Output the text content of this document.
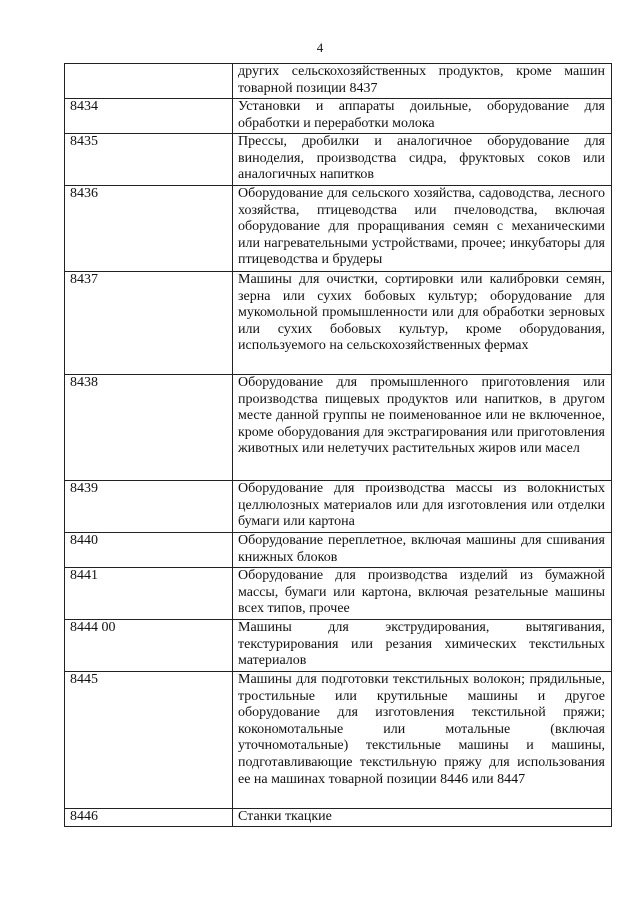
4
	других сельскохозяйственных продуктов, кроме машин товарной позиции 8437
8434	Установки и аппараты доильные, оборудование для обработки и переработки молока
8435	Прессы, дробилки и аналогичное оборудование для виноделия, производства сидра, фруктовых соков или аналогичных напитков
8436	Оборудование для сельского хозяйства, садоводства, лесного хозяйства, птицеводства или пчеловодства, включая оборудование для проращивания семян с механическими или нагревательными устройствами, прочее; инкубаторы для птицеводства и брудеры
8437	Машины для очистки, сортировки или калибровки семян, зерна или сухих бобовых культур; оборудование для мукомольной промышленности или для обработки зерновых или сухих бобовых культур, кроме оборудования, используемого на сельскохозяйственных фермах
8438	Оборудование для промышленного приготовления или производства пищевых продуктов или напитков, в другом месте данной группы не поименованное или не включенное, кроме оборудования для экстрагирования или приготовления животных или нелетучих растительных жиров или масел
8439	Оборудование для производства массы из волокнистых целлюлозных материалов или для изготовления или отделки бумаги или картона
8440	Оборудование переплетное, включая машины для сшивания книжных блоков
8441	Оборудование для производства изделий из бумажной массы, бумаги или картона, включая резательные машины всех типов, прочее
8444 00	Машины для экструдирования, вытягивания, текстурирования или резания химических текстильных материалов
8445	Машины для подготовки текстильных волокон; прядильные, тростильные или крутильные машины и другое оборудование для изготовления текстильной пряжи; кокономотальные или мотальные (включая уточномотальные) текстильные машины и машины, подготавливающие текстильную пряжу для использования ее на машинах товарной позиции 8446 или 8447
8446	Станки ткацкие
